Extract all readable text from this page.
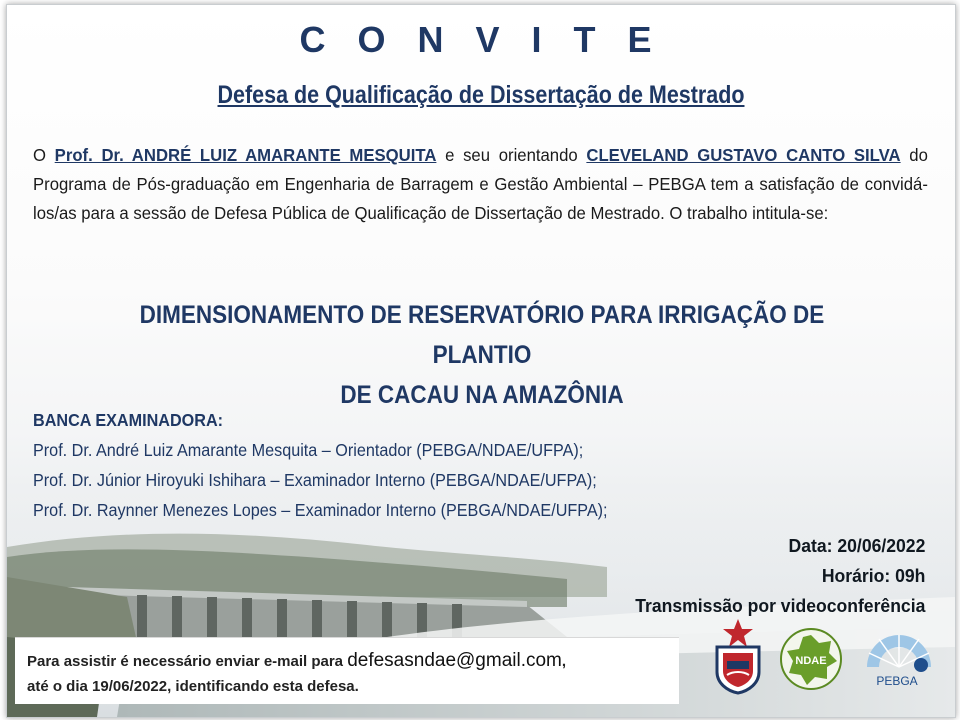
C O N V I T E
Defesa de Qualificação de Dissertação de Mestrado
O Prof. Dr. ANDRÉ LUIZ AMARANTE MESQUITA e seu orientando CLEVELAND GUSTAVO CANTO SILVA do Programa de Pós-graduação em Engenharia de Barragem e Gestão Ambiental – PEBGA tem a satisfação de convidá-los/as para a sessão de Defesa Pública de Qualificação de Dissertação de Mestrado. O trabalho intitula-se:
DIMENSIONAMENTO DE RESERVATÓRIO PARA IRRIGAÇÃO DE PLANTIO
DE CACAU NA AMAZÔNIA
BANCA EXAMINADORA:
Prof. Dr. André Luiz Amarante Mesquita – Orientador (PEBGA/NDAE/UFPA);
Prof. Dr. Júnior Hiroyuki Ishihara – Examinador Interno (PEBGA/NDAE/UFPA);
Prof. Dr. Raynner Menezes Lopes – Examinador Interno (PEBGA/NDAE/UFPA);
Data: 20/06/2022
Horário: 09h
Transmissão por videoconferência

Para assistir é necessário enviar e-mail para defesasndae@gmail.com,
até o dia 19/06/2022, identificando esta defesa.

NDAE
PEBGA
